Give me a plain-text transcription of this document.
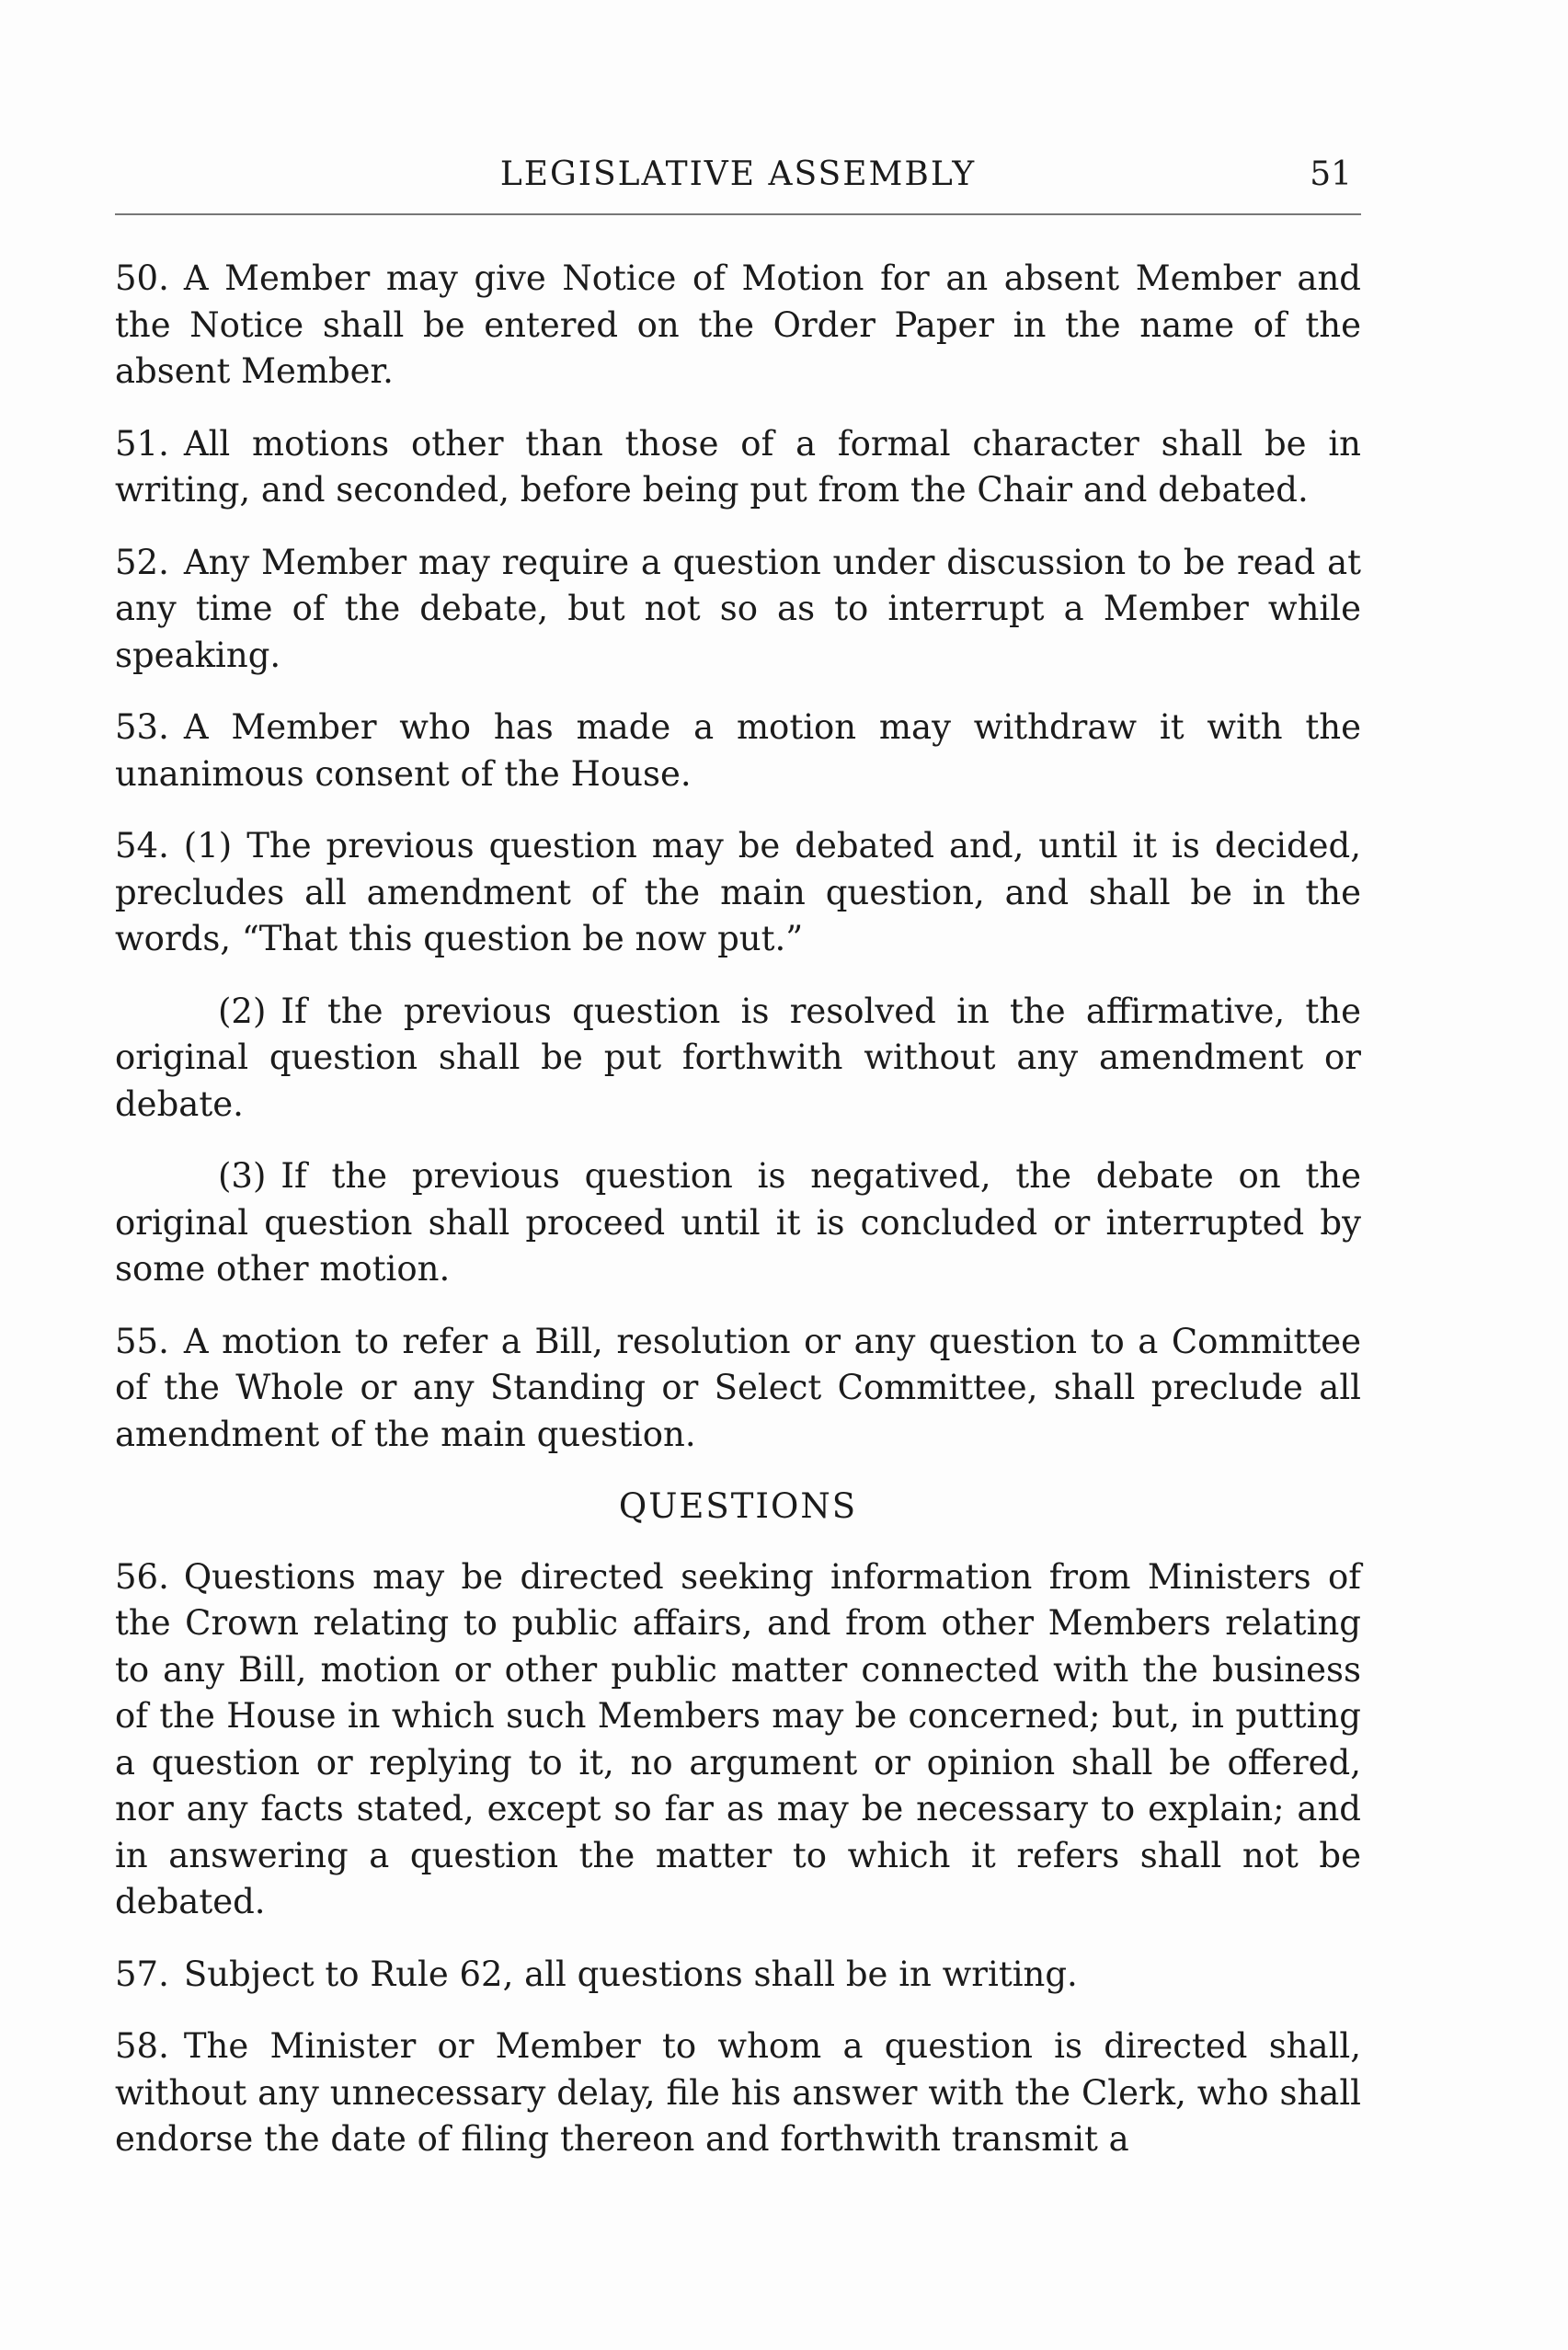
LEGISLATIVE ASSEMBLY	51

50. A Member may give Notice of Motion for an absent Member and the Notice shall be entered on the Order Paper in the name of the absent Member.

51. All motions other than those of a formal character shall be in writing, and seconded, before being put from the Chair and debated.

52. Any Member may require a question under discussion to be read at any time of the debate, but not so as to interrupt a Member while speaking.

53. A Member who has made a motion may withdraw it with the unanimous consent of the House.

54. (1) The previous question may be debated and, until it is decided, precludes all amendment of the main question, and shall be in the words, “That this question be now put.”

(2) If the previous question is resolved in the affirmative, the original question shall be put forthwith without any amendment or debate.

(3) If the previous question is negatived, the debate on the original question shall proceed until it is concluded or interrupted by some other motion.

55. A motion to refer a Bill, resolution or any question to a Committee of the Whole or any Standing or Select Committee, shall preclude all amendment of the main question.

QUESTIONS

56. Questions may be directed seeking information from Ministers of the Crown relating to public affairs, and from other Members relating to any Bill, motion or other public matter connected with the business of the House in which such Members may be concerned; but, in putting a question or replying to it, no argument or opinion shall be offered, nor any facts stated, except so far as may be necessary to explain; and in answering a question the matter to which it refers shall not be debated.

57. Subject to Rule 62, all questions shall be in writing.

58. The Minister or Member to whom a question is directed shall, without any unnecessary delay, file his answer with the Clerk, who shall endorse the date of filing thereon and forthwith transmit a
